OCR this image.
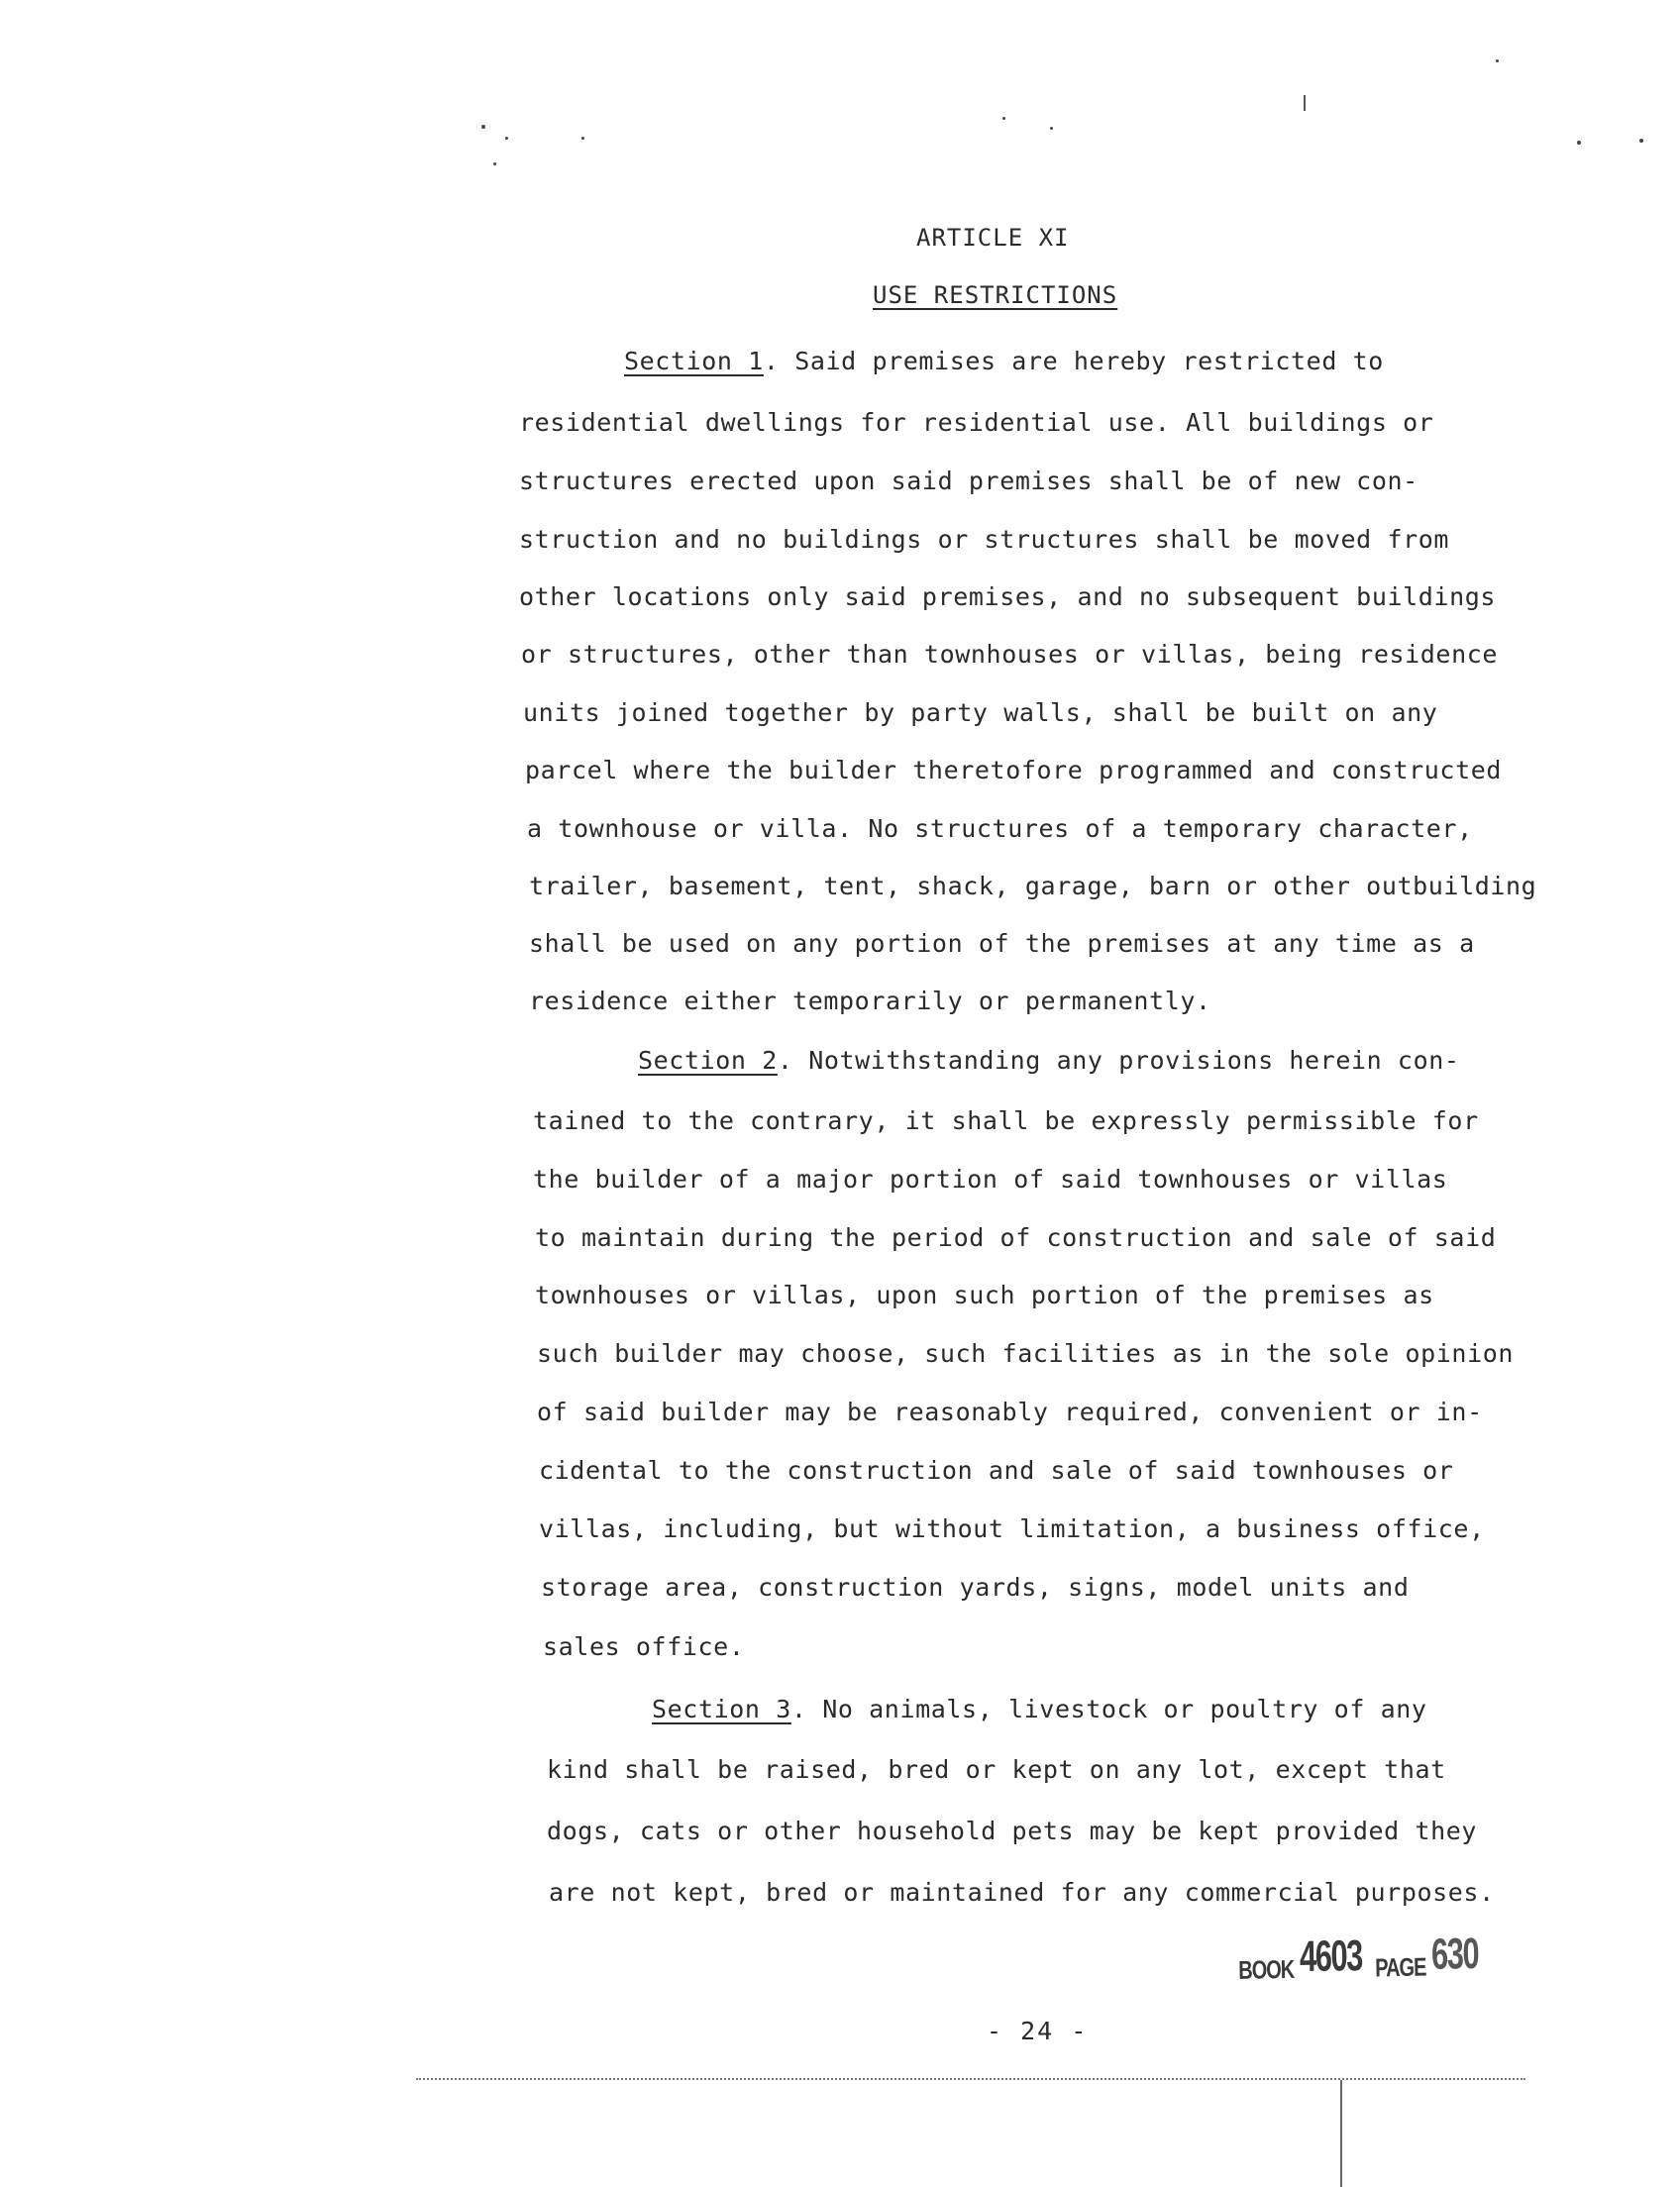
ARTICLE XI
USE RESTRICTIONS
Section 1. Said premises are hereby restricted to
residential dwellings for residential use. All buildings or
structures erected upon said premises shall be of new con-
struction and no buildings or structures shall be moved from
other locations only said premises, and no subsequent buildings
or structures, other than townhouses or villas, being residence
units joined together by party walls, shall be built on any
parcel where the builder theretofore programmed and constructed
a townhouse or villa. No structures of a temporary character,
trailer, basement, tent, shack, garage, barn or other outbuilding
shall be used on any portion of the premises at any time as a
residence either temporarily or permanently.
Section 2. Notwithstanding any provisions herein con-
tained to the contrary, it shall be expressly permissible for
the builder of a major portion of said townhouses or villas
to maintain during the period of construction and sale of said
townhouses or villas, upon such portion of the premises as
such builder may choose, such facilities as in the sole opinion
of said builder may be reasonably required, convenient or in-
cidental to the construction and sale of said townhouses or
villas, including, but without limitation, a business office,
storage area, construction yards, signs, model units and
sales office.
Section 3. No animals, livestock or poultry of any
kind shall be raised, bred or kept on any lot, except that
dogs, cats or other household pets may be kept provided they
are not kept, bred or maintained for any commercial purposes.
BOOK 4603 PAGE 630
- 24 -
